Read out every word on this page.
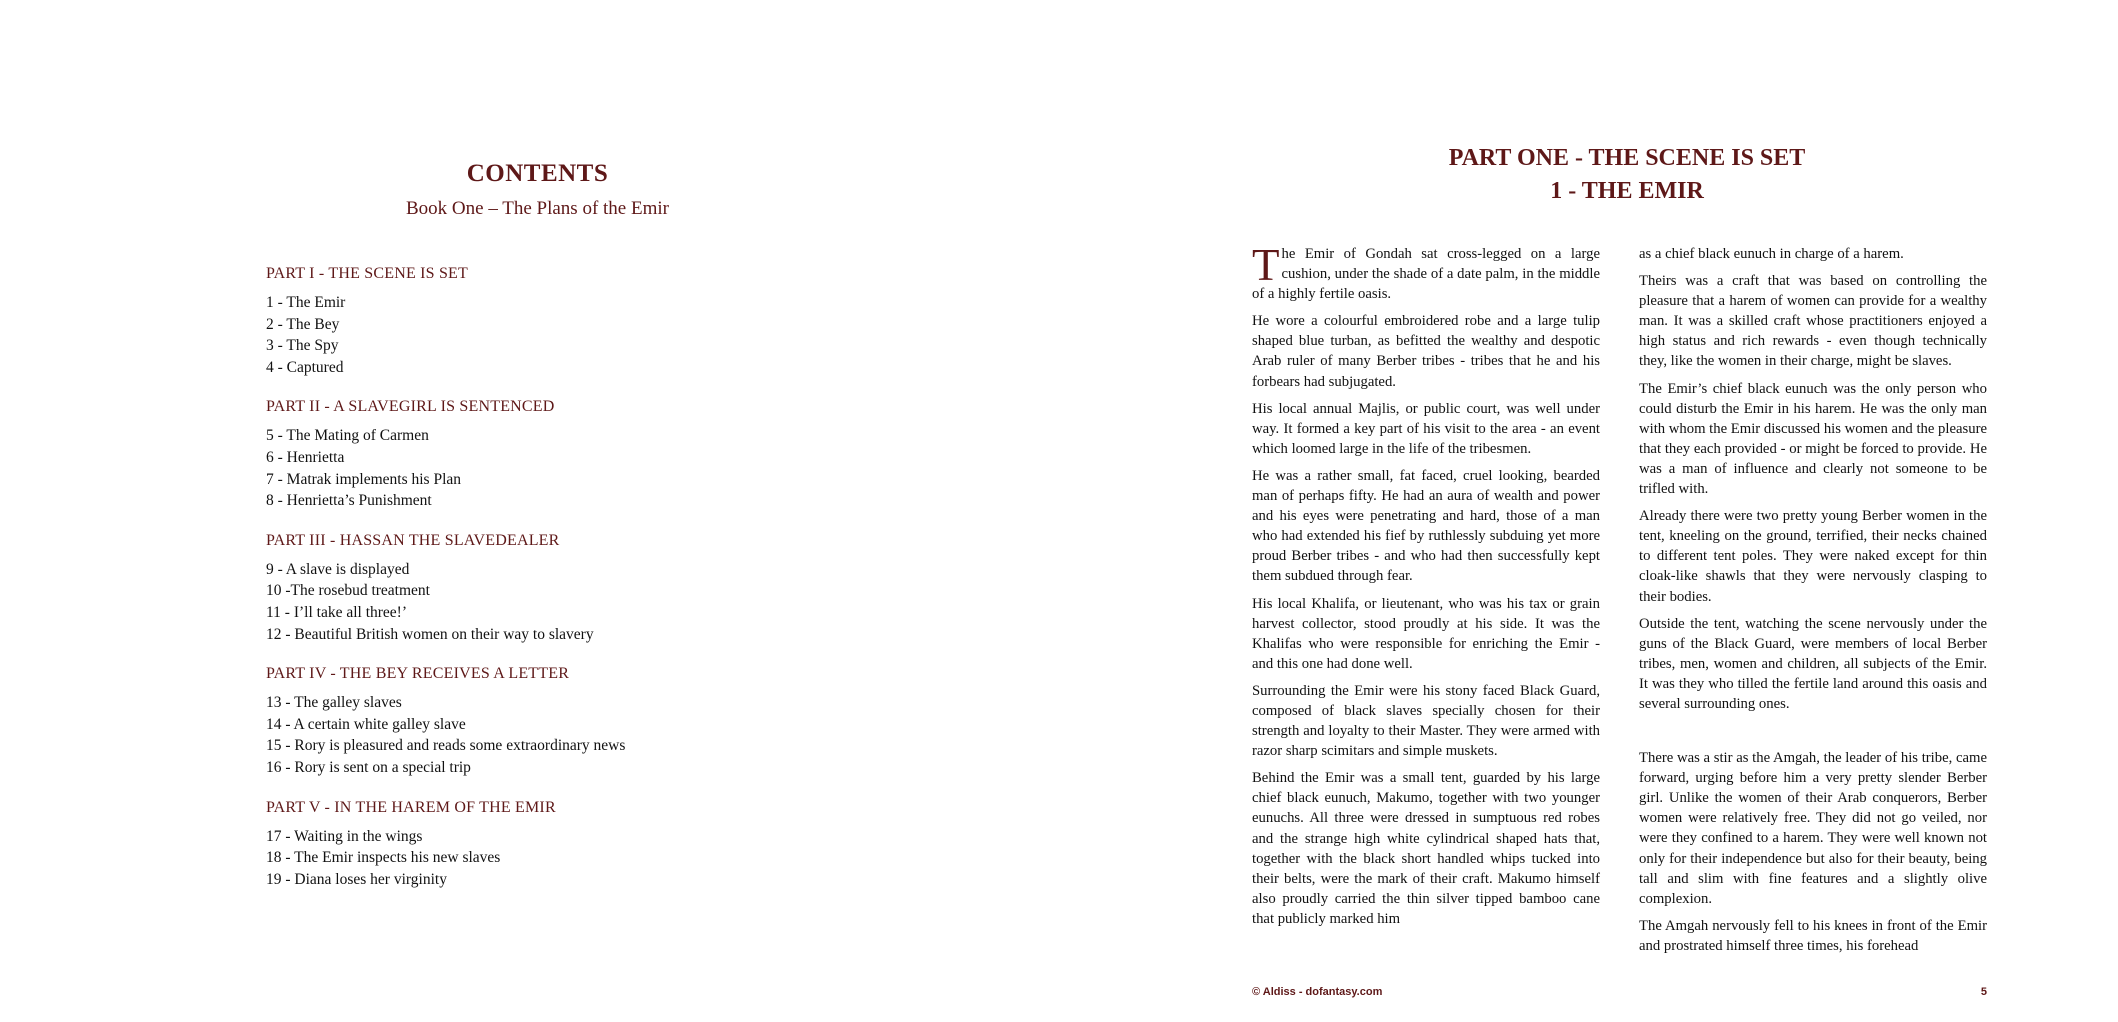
CONTENTS
Book One – The Plans of the Emir
PART I - THE SCENE IS SET
1 - The Emir
2 - The Bey
3 - The Spy
4 - Captured
PART II - A SLAVEGIRL IS SENTENCED
5 - The Mating of Carmen
6 - Henrietta
7 - Matrak implements his Plan
8 - Henrietta’s Punishment
PART III - HASSAN THE SLAVEDEALER
9 - A slave is displayed
10 -The rosebud treatment
11 - I’ll take all three!’
12 - Beautiful British women on their way to slavery
PART IV - THE BEY RECEIVES A LETTER
13 - The galley slaves
14 - A certain white galley slave
15 - Rory is pleasured and reads some extraordinary news
16 - Rory is sent on a special trip
PART V - IN THE HAREM OF THE EMIR
17 - Waiting in the wings
18 - The Emir inspects his new slaves
19 - Diana loses her virginity
PART ONE - THE SCENE IS SET
1 - THE EMIR

The Emir of Gondah sat cross-legged on a large cushion, under the shade of a date palm, in the middle of a highly fertile oasis.

He wore a colourful embroidered robe and a large tulip shaped blue turban, as befitted the wealthy and despotic Arab ruler of many Berber tribes - tribes that he and his forbears had subjugated.

His local annual Majlis, or public court, was well under way. It formed a key part of his visit to the area - an event which loomed large in the life of the tribesmen.

He was a rather small, fat faced, cruel looking, bearded man of perhaps fifty. He had an aura of wealth and power and his eyes were penetrating and hard, those of a man who had extended his fief by ruthlessly subduing yet more proud Berber tribes - and who had then successfully kept them subdued through fear.

His local Khalifa, or lieutenant, who was his tax or grain harvest collector, stood proudly at his side. It was the Khalifas who were responsible for enriching the Emir - and this one had done well.

Surrounding the Emir were his stony faced Black Guard, composed of black slaves specially chosen for their strength and loyalty to their Master. They were armed with razor sharp scimitars and simple muskets.

Behind the Emir was a small tent, guarded by his large chief black eunuch, Makumo, together with two younger eunuchs. All three were dressed in sumptuous red robes and the strange high white cylindrical shaped hats that, together with the black short handled whips tucked into their belts, were the mark of their craft. Makumo himself also proudly carried the thin silver tipped bamboo cane that publicly marked him

as a chief black eunuch in charge of a harem.

Theirs was a craft that was based on controlling the pleasure that a harem of women can provide for a wealthy man. It was a skilled craft whose practitioners enjoyed a high status and rich rewards - even though technically they, like the women in their charge, might be slaves.

The Emir’s chief black eunuch was the only person who could disturb the Emir in his harem. He was the only man with whom the Emir discussed his women and the pleasure that they each provided - or might be forced to provide. He was a man of influence and clearly not someone to be trifled with.

Already there were two pretty young Berber women in the tent, kneeling on the ground, terrified, their necks chained to different tent poles. They were naked except for thin cloak-like shawls that they were nervously clasping to their bodies.

Outside the tent, watching the scene nervously under the guns of the Black Guard, were members of local Berber tribes, men, women and children, all subjects of the Emir. It was they who tilled the fertile land around this oasis and several surrounding ones.

There was a stir as the Amgah, the leader of his tribe, came forward, urging before him a very pretty slender Berber girl. Unlike the women of their Arab conquerors, Berber women were relatively free. They did not go veiled, nor were they confined to a harem. They were well known not only for their independence but also for their beauty, being tall and slim with fine features and a slightly olive complexion.

The Amgah nervously fell to his knees in front of the Emir and prostrated himself three times, his forehead

© Aldiss - dofantasy.com	5
